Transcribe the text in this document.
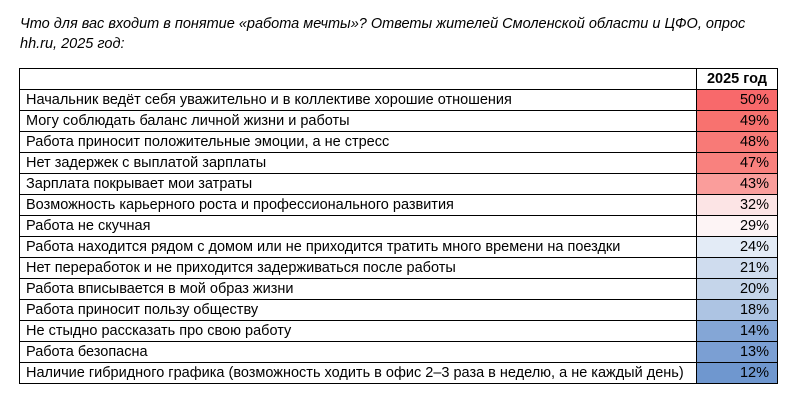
Что для вас входит в понятие «работа мечты»? Ответы жителей Смоленской области и ЦФО, опрос hh.ru, 2025 год:

	2025 год
Начальник ведёт себя уважительно и в коллективе хорошие отношения	50%
Могу соблюдать баланс личной жизни и работы	49%
Работа приносит положительные эмоции, а не стресс	48%
Нет задержек с выплатой зарплаты	47%
Зарплата покрывает мои затраты	43%
Возможность карьерного роста и профессионального развития	32%
Работа не скучная	29%
Работа находится рядом с домом или не приходится тратить много времени на поездки	24%
Нет переработок и не приходится задерживаться после работы	21%
Работа вписывается в мой образ жизни	20%
Работа приносит пользу обществу	18%
Не стыдно рассказать про свою работу	14%
Работа безопасна	13%
Наличие гибридного графика (возможность ходить в офис 2–3 раза в неделю, а не каждый день)	12%
